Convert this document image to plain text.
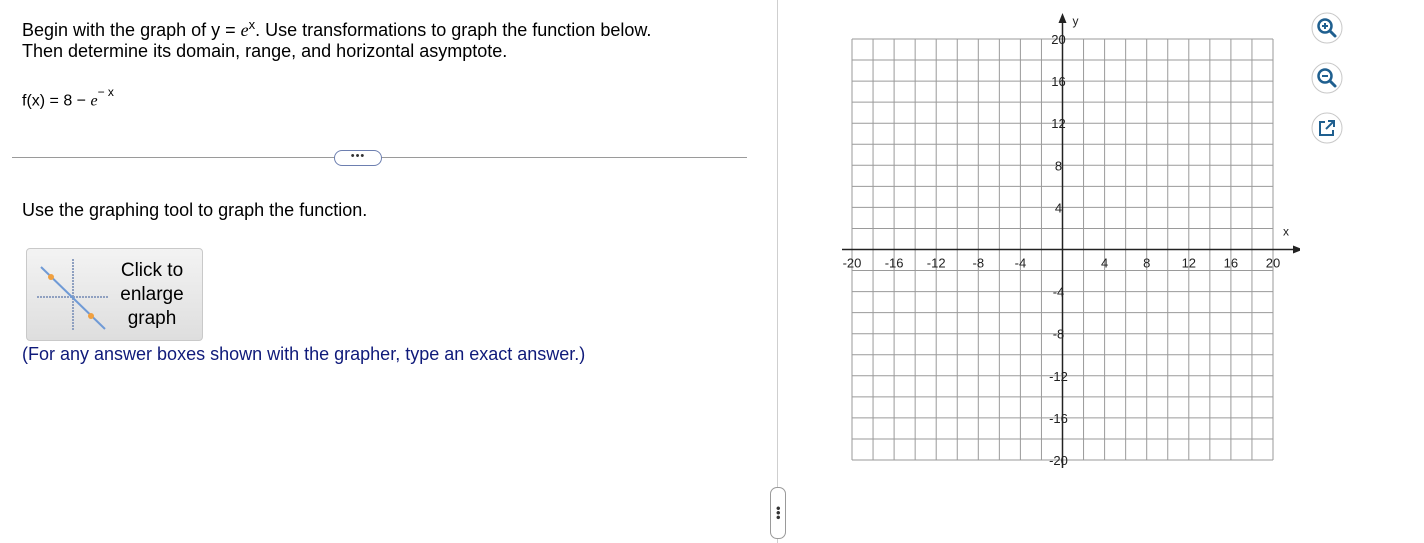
Begin with the graph of $y = e^x$. Use transformations to graph the function below.
Then determine its domain, range, and horizontal asymptote.
$f(x) = 8 - e^{- x}$
•••
Use the graphing tool to graph the function.
Click to
enlarge
graph
(For any answer boxes shown with the grapher, type an exact answer.)
•••
x
y
-20 -16 -12 -8 -4	4	8 12 16 20
20
16
12
8
4
-4
-8
-12
-16
-20
